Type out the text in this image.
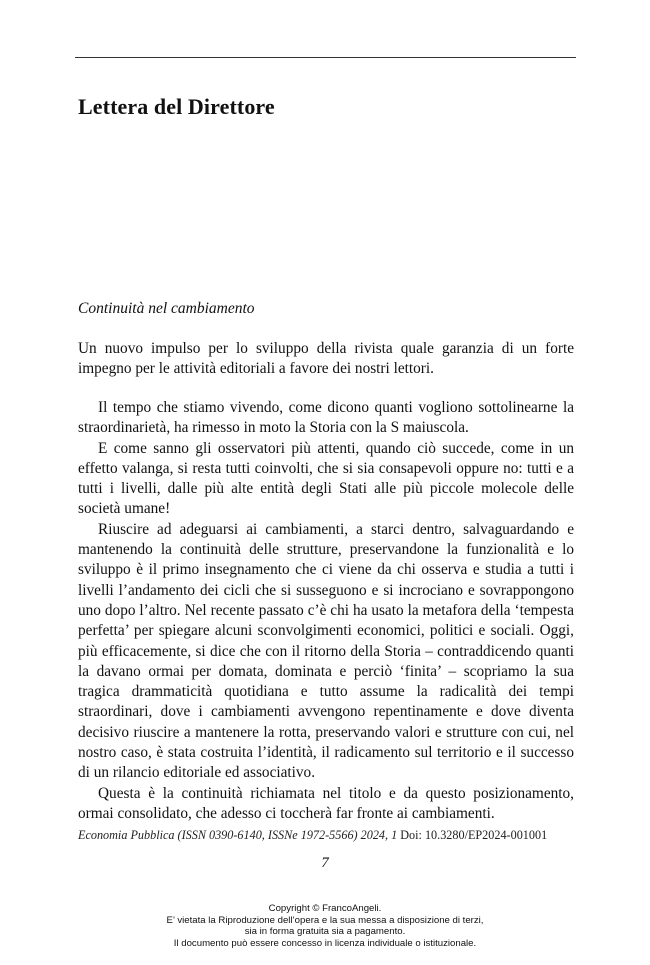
Lettera del Direttore
Continuità nel cambiamento

Un nuovo impulso per lo sviluppo della rivista quale garanzia di un forte impegno per le attività editoriali a favore dei nostri lettori.

Il tempo che stiamo vivendo, come dicono quanti vogliono sottolinearne la straordinarietà, ha rimesso in moto la Storia con la S maiuscola.

E come sanno gli osservatori più attenti, quando ciò succede, come in un effetto valanga, si resta tutti coinvolti, che si sia consapevoli oppure no: tutti e a tutti i livelli, dalle più alte entità degli Stati alle più piccole molecole delle società umane!

Riuscire ad adeguarsi ai cambiamenti, a starci dentro, salvaguardando e mantenendo la continuità delle strutture, preservandone la funzionalità e lo sviluppo è il primo insegnamento che ci viene da chi osserva e studia a tutti i livelli l’andamento dei cicli che si susseguono e si incrociano e sovrappongono uno dopo l’altro. Nel recente passato c’è chi ha usato la metafora della ‘tempesta perfetta’ per spiegare alcuni sconvolgimenti economici, politici e sociali. Oggi, più efficacemente, si dice che con il ritorno della Storia – contraddicendo quanti la davano ormai per domata, dominata e perciò ‘finita’ – scopriamo la sua tragica drammaticità quotidiana e tutto assume la radicalità dei tempi straordinari, dove i cambiamenti avvengono repentinamente e dove diventa decisivo riuscire a mantenere la rotta, preservando valori e strutture con cui, nel nostro caso, è stata costruita l’identità, il radicamento sul territorio e il successo di un rilancio editoriale ed associativo.

Questa è la continuità richiamata nel titolo e da questo posizionamento, ormai consolidato, che adesso ci toccherà far fronte ai cambiamenti.

Economia Pubblica (ISSN 0390-6140, ISSNe 1972-5566) 2024, 1 Doi: 10.3280/EP2024-001001
7
Copyright © FrancoAngeli.
E’ vietata la Riproduzione dell’opera e la sua messa a disposizione di terzi,
sia in forma gratuita sia a pagamento.
Il documento può essere concesso in licenza individuale o istituzionale.
